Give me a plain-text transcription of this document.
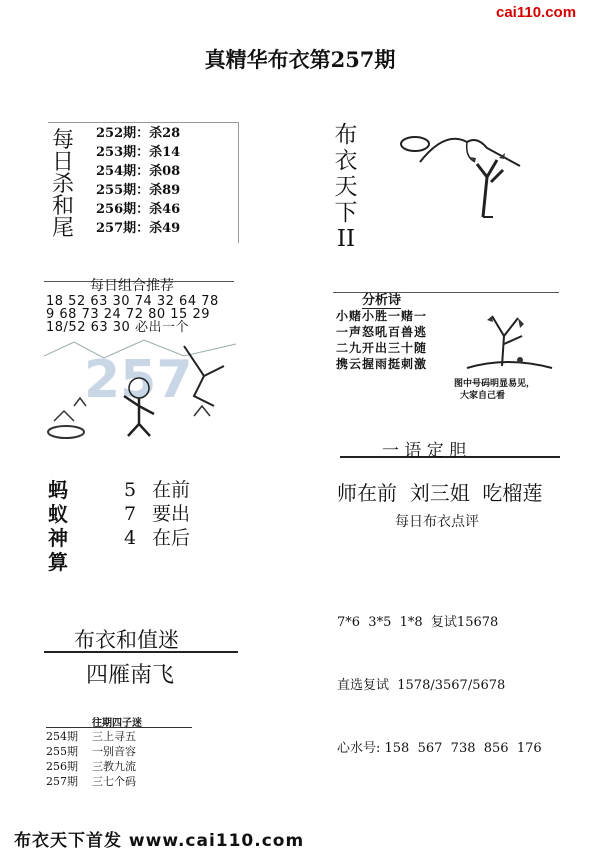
cai110.com
真精华布衣第257期
每
日
杀
和
尾
252期：杀28
253期：杀14
254期：杀08
255期：杀89
256期：杀46
257期：杀49
布
衣
天
下
II
每日组合推荐
18 52 63 30 74 32 64 78
9 68 73 24 72 80 15 29
18/52 63 30 必出一个
257
分析诗
小赌小胜一赌一
一声怒吼百兽逃
二九开出三十随
携云握雨挺刺激
图中号码明显易见，
大家自己看
一 语 定 胆
师在前  刘三姐  吃榴莲
每日布衣点评
蚂
蚁
神
算
5 在前
7 要出
4 在后

7*6  3*5  1*8  复试15678

直选复试  1578/3567/5678

心水号: 158  567  738  856  176

布衣和值迷
四雁南飞
往期四子迷
254期 三上寻五
255期 一别音容
256期 三教九流
257期 三七个码
布衣天下首发 www.cai110.com
